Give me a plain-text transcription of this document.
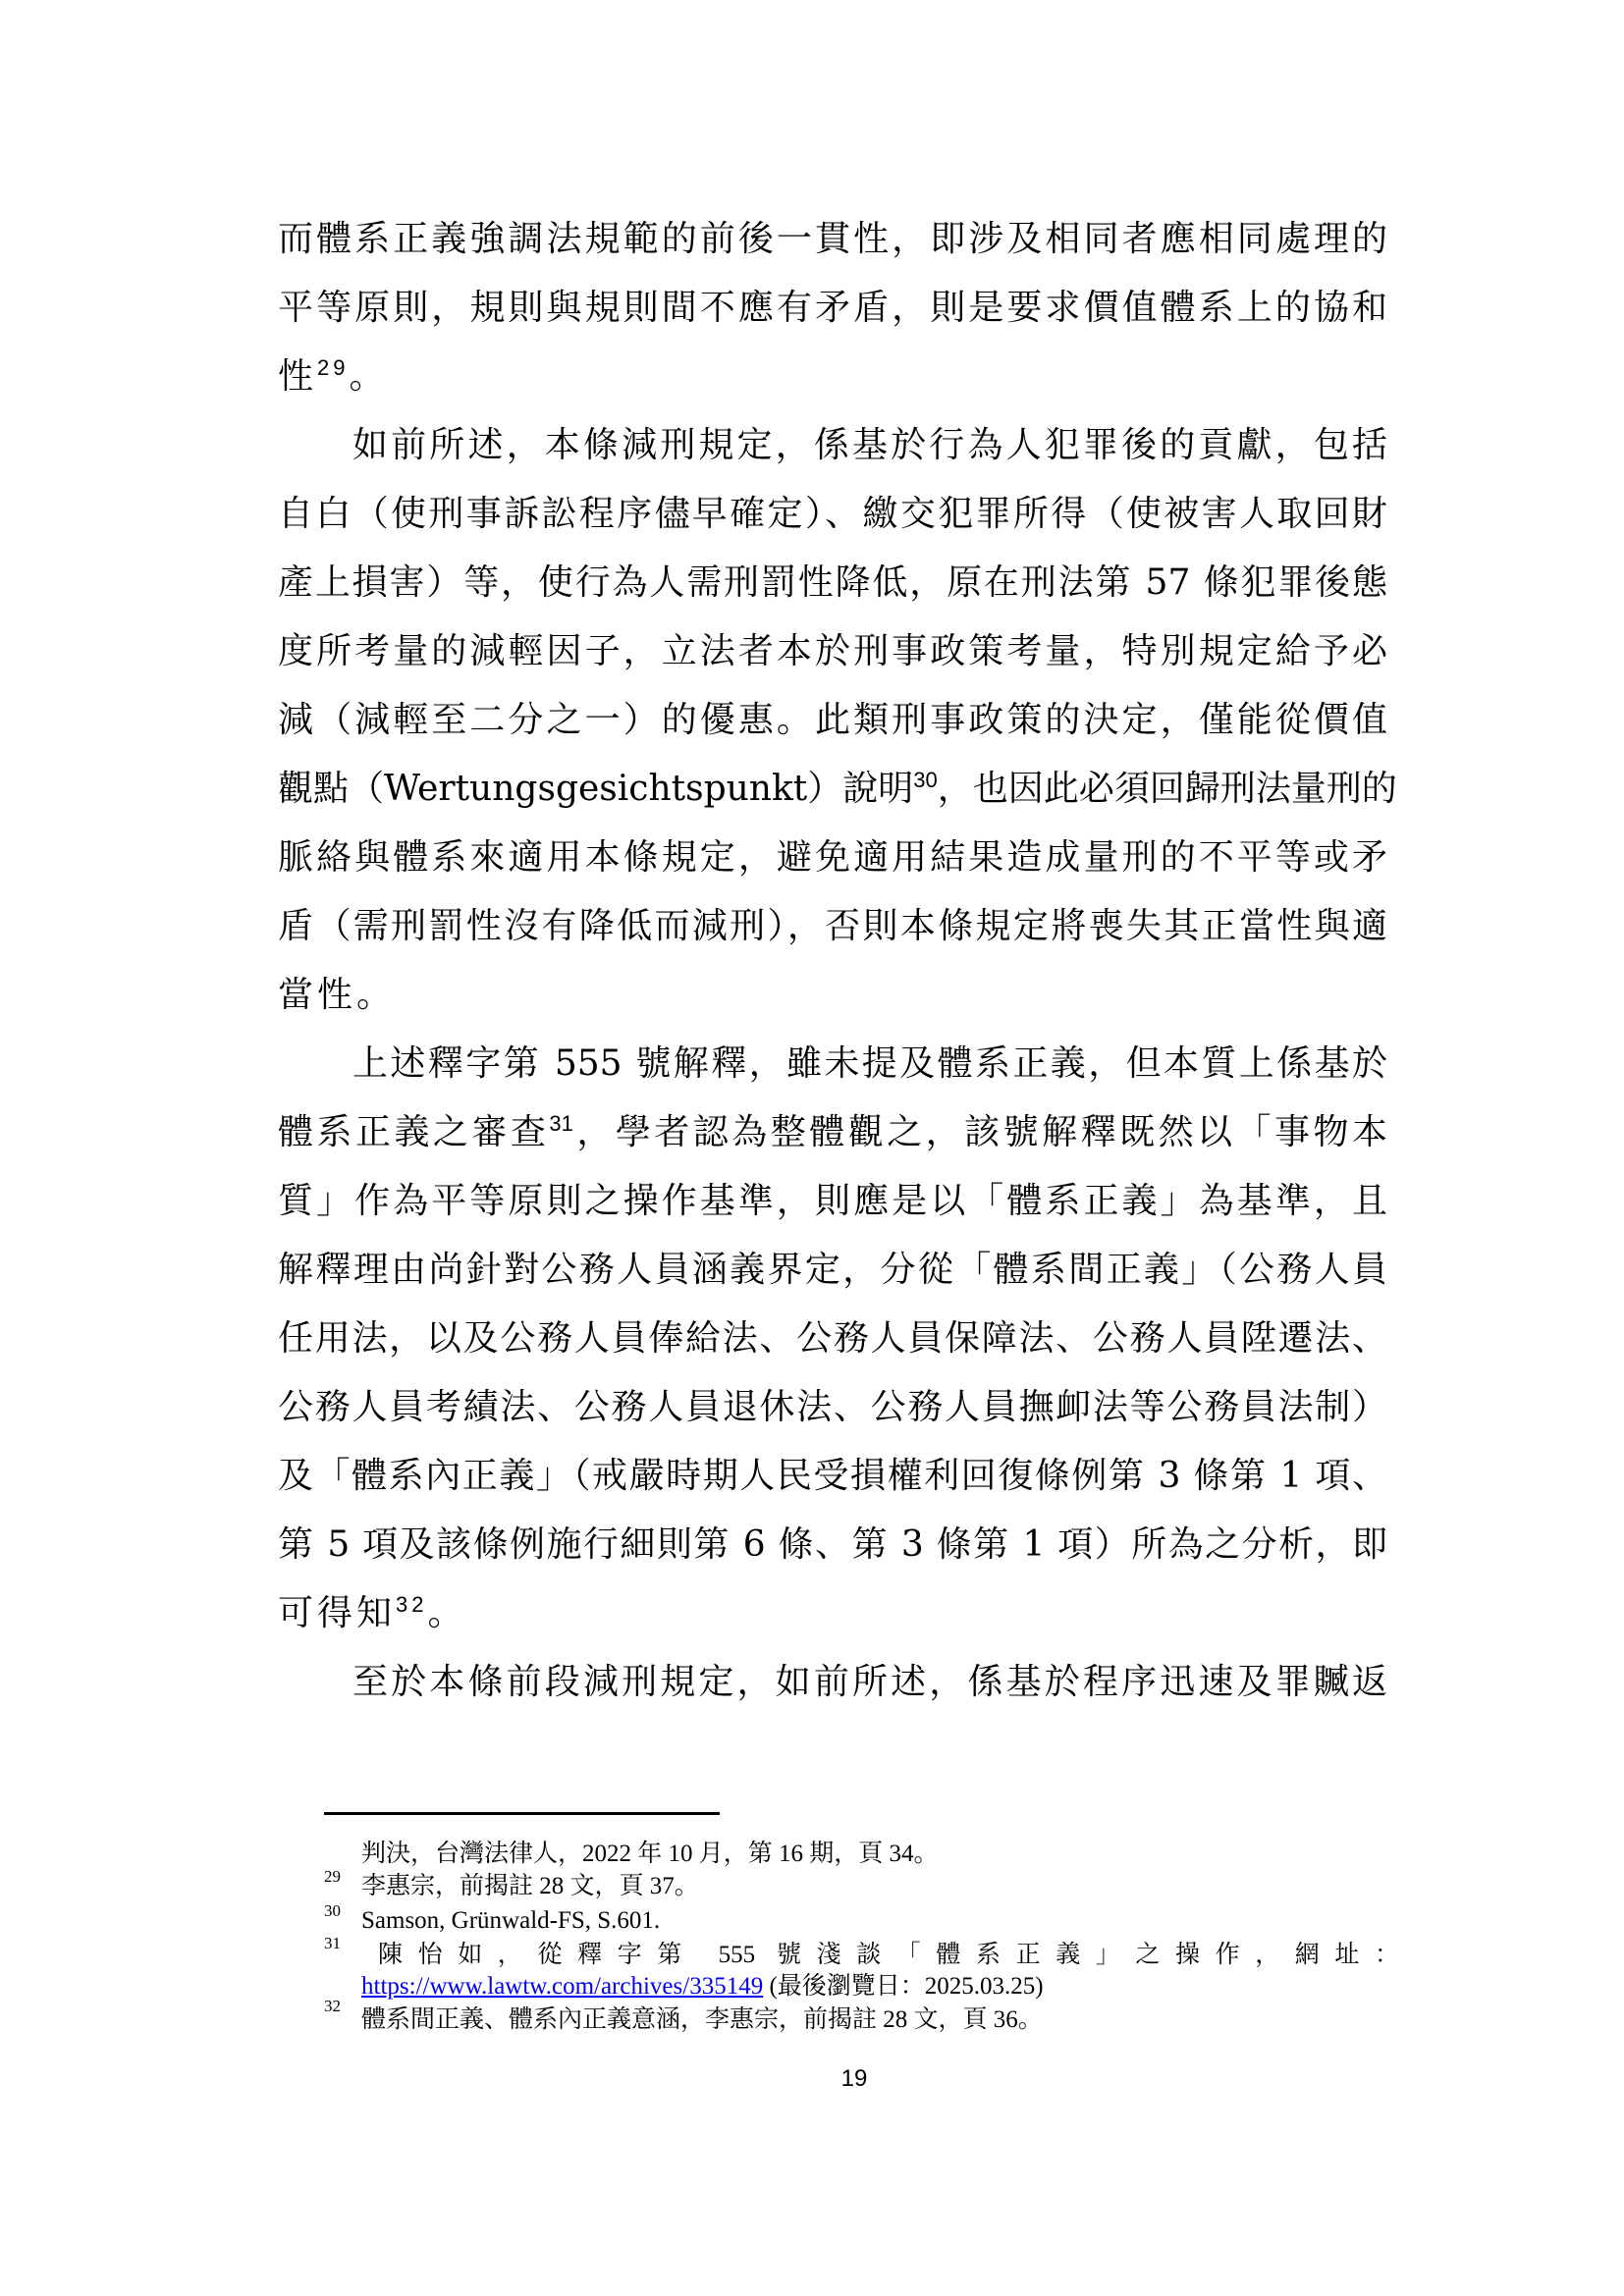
而體系正義強調法規範的前後一貫性，即涉及相同者應相同處理的
平等原則，規則與規則間不應有矛盾，則是要求價值體系上的協和
性$^{29}$。
如前所述，本條減刑規定，係基於行為人犯罪後的貢獻，包括
自白（使刑事訴訟程序儘早確定）、繳交犯罪所得（使被害人取回財
產上損害）等，使行為人需刑罰性降低，原在刑法第 57 條犯罪後態
度所考量的減輕因子，立法者本於刑事政策考量，特別規定給予必
減（減輕至二分之一）的優惠。此類刑事政策的決定，僅能從價值
觀點（Wertungsgesichtspunkt）說明$^{30}$，也因此必須回歸刑法量刑的
脈絡與體系來適用本條規定，避免適用結果造成量刑的不平等或矛
盾（需刑罰性沒有降低而減刑），否則本條規定將喪失其正當性與適
當性。
上述釋字第 555 號解釋，雖未提及體系正義，但本質上係基於
體系正義之審查$^{31}$，學者認為整體觀之，該號解釋既然以「事物本
質」作為平等原則之操作基準，則應是以「體系正義」為基準，且
解釋理由尚針對公務人員涵義界定，分從「體系間正義」（公務人員
任用法，以及公務人員俸給法、公務人員保障法、公務人員陞遷法、
公務人員考績法、公務人員退休法、公務人員撫卹法等公務員法制）
及「體系內正義」（戒嚴時期人民受損權利回復條例第 3 條第 1 項、
第 5 項及該條例施行細則第 6 條、第 3 條第 1 項）所為之分析，即
可得知$^{32}$。
至於本條前段減刑規定，如前所述，係基於程序迅速及罪贓返
判決，台灣法律人，2022 年 10 月，第 16 期，頁 34。
29 李惠宗，前揭註 28 文，頁 37。
30 Samson, Grünwald-FS, S.601.
31 陳怡如，從釋字第 555 號淺談「體系正義」之操作，網址：
https://www.lawtw.com/archives/335149 (最後瀏覽日：2025.03.25)
32
體系間正義、體系內正義意涵，李惠宗，前揭註 28 文，頁 36。
19
